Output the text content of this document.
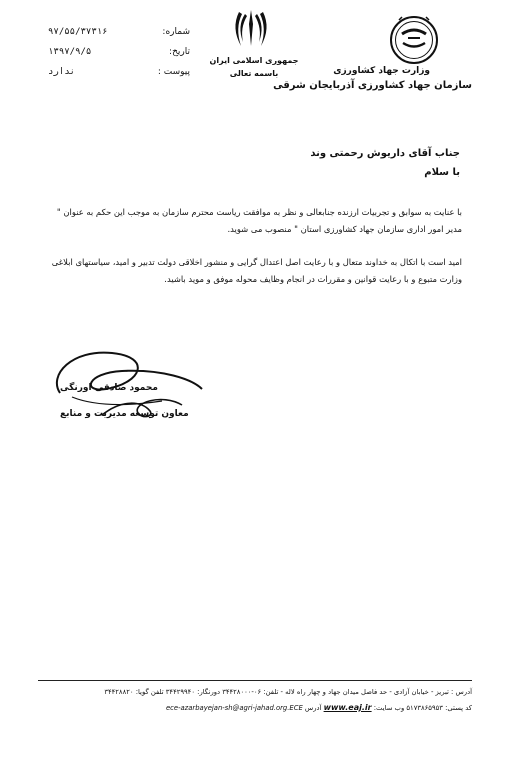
وزارت جهاد کشاورزی
سازمان جهاد کشاورزی آذربایجان شرقی
جمهوری اسلامی ایران
باسمه تعالی
شماره:
۹۷/۵۵/۳۷۳۱۶
تاریخ:
۱۳۹۷/۹/۵
پیوست :
ندارد
جناب آقای داریوش رحمتی وند
با سلام
با عنایت به سوابق و تجربیات ارزنده جنابعالی و نظر به موافقت ریاست محترم سازمان به موجب این حکم به عنوان " مدیر امور اداری سازمان جهاد کشاورزی استان " منصوب می شوید.
امید است با اتکال به خداوند متعال و با رعایت اصل اعتدال گرایی و منشور اخلاقی دولت تدبیر و امید، سیاستهای ابلاغی وزارت متبوع و با رعایت قوانین و مقررات در انجام وظایف محوله موفق و موید باشید.
محمود صادقی اورنگی
معاون توسعه مدیریت و منابع
آدرس : تبریز - خیابان آزادی - حد فاصل میدان جهاد و چهار راه لاله - تلفن: ۰۶-۳۴۴۲۸۰۰۰ دورنگار: ۳۴۴۲۹۹۴۰ تلفن گویا: ۳۴۴۲۸۸۲۰
کد پستی: ۵۱۷۳۸۶۵۹۵۳ وب سایت: www.eaj.ir آدرس ece-azarbayejan-sh@agri-jahad.org.ECE
